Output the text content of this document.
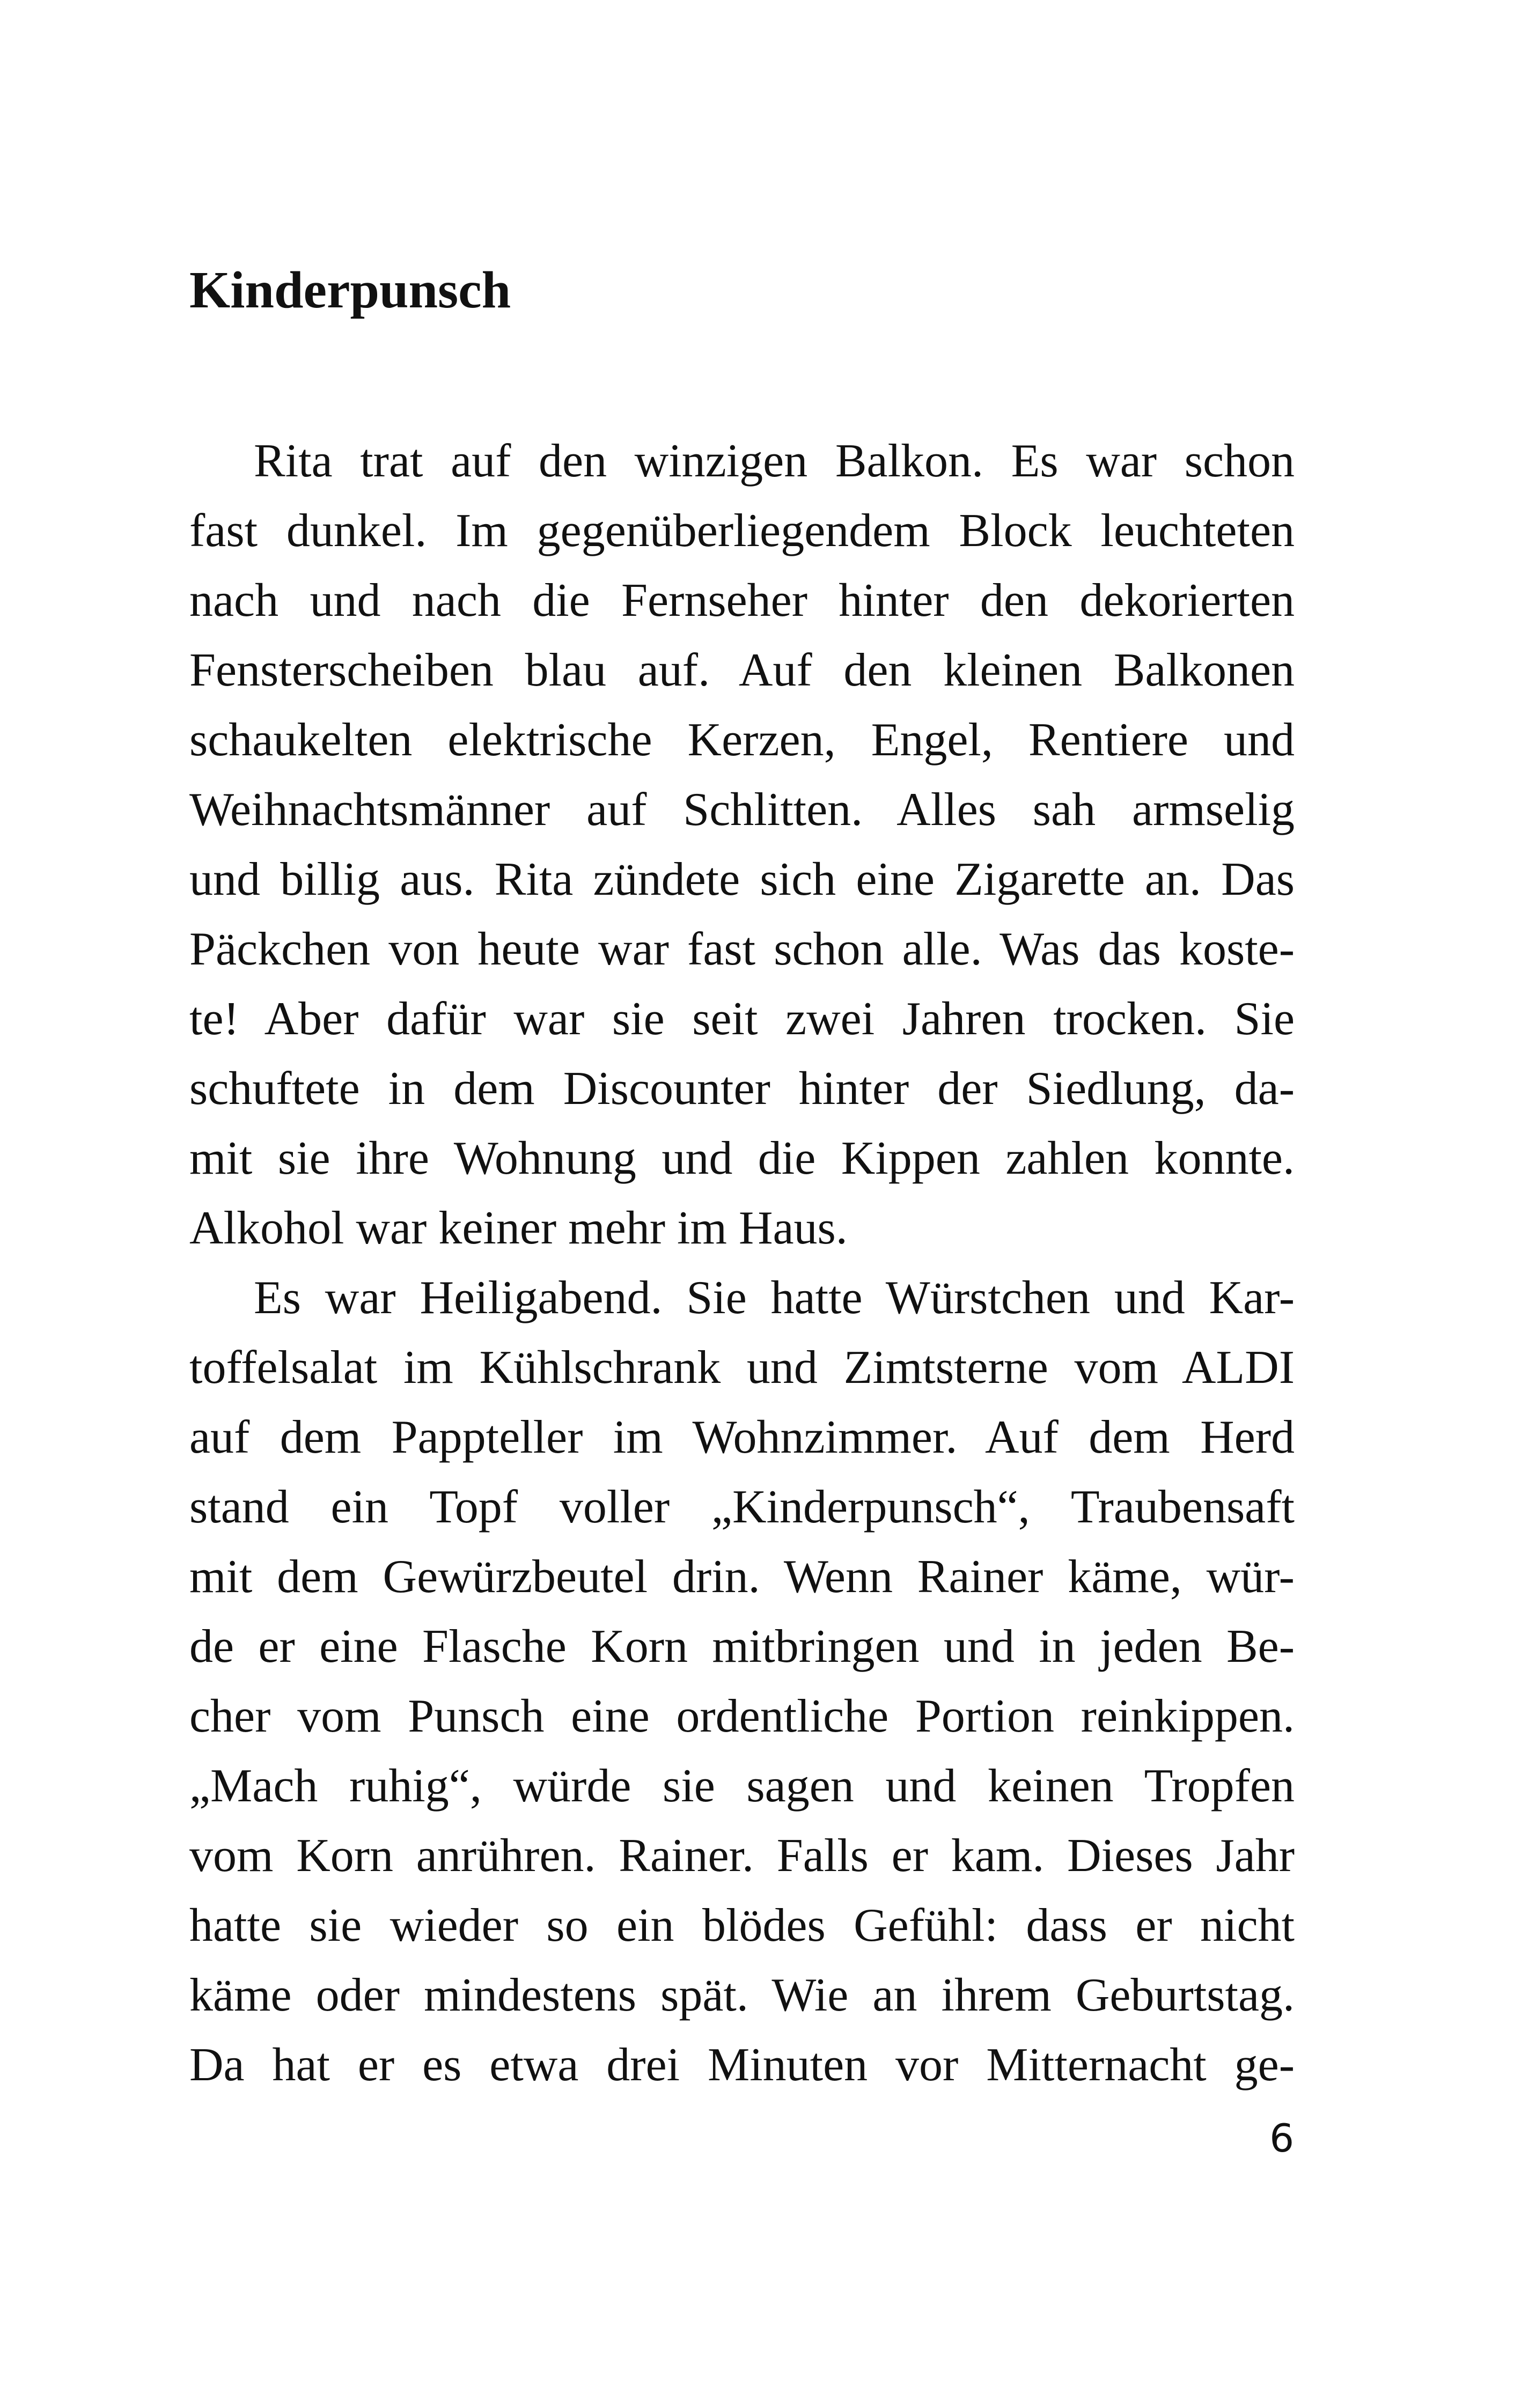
Kinderpunsch
Rita trat auf den winzigen Balkon. Es war schon
fast dunkel. Im gegenüberliegendem Block leuchteten
nach und nach die Fernseher hinter den dekorierten
Fensterscheiben blau auf. Auf den kleinen Balkonen
schaukelten elektrische Kerzen, Engel, Rentiere und
Weihnachtsmänner auf Schlitten. Alles sah armselig
und billig aus. Rita zündete sich eine Zigarette an. Das
Päckchen von heute war fast schon alle. Was das koste-
te! Aber dafür war sie seit zwei Jahren trocken. Sie
schuftete in dem Discounter hinter der Siedlung, da-
mit sie ihre Wohnung und die Kippen zahlen konnte.
Alkohol war keiner mehr im Haus.
Es war Heiligabend. Sie hatte Würstchen und Kar-
toffelsalat im Kühlschrank und Zimtsterne vom ALDI
auf dem Pappteller im Wohnzimmer. Auf dem Herd
stand ein Topf voller „Kinderpunsch“, Traubensaft
mit dem Gewürzbeutel drin. Wenn Rainer käme, wür-
de er eine Flasche Korn mitbringen und in jeden Be-
cher vom Punsch eine ordentliche Portion reinkippen.
„Mach ruhig“, würde sie sagen und keinen Tropfen
vom Korn anrühren. Rainer. Falls er kam. Dieses Jahr
hatte sie wieder so ein blödes Gefühl: dass er nicht
käme oder mindestens spät. Wie an ihrem Geburtstag.
Da hat er es etwa drei Minuten vor Mitternacht ge-
6
